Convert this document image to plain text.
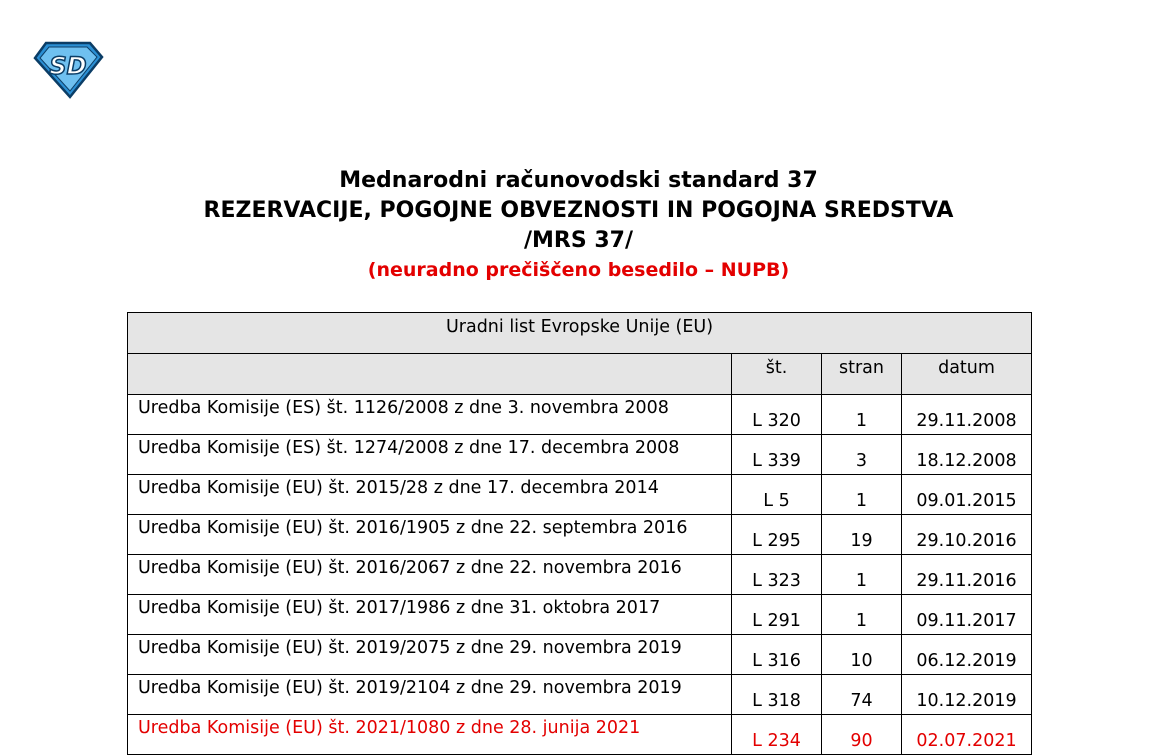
SD
Mednarodni računovodski standard 37
REZERVACIJE, POGOJNE OBVEZNOSTI IN POGOJNA SREDSTVA
/MRS 37/
(neuradno prečiščeno besedilo – NUPB)
Uradni list Evropske Unije (EU)			
	št.	stran	datum
Uredba Komisije (ES) št. 1126/2008 z dne 3. novembra 2008	L 320	1	29.11.2008
Uredba Komisije (ES) št. 1274/2008 z dne 17. decembra 2008	L 339	3	18.12.2008
Uredba Komisije (EU) št. 2015/28 z dne 17. decembra 2014	L 5	1	09.01.2015
Uredba Komisije (EU) št. 2016/1905 z dne 22. septembra 2016	L 295	19	29.10.2016
Uredba Komisije (EU) št. 2016/2067 z dne 22. novembra 2016	L 323	1	29.11.2016
Uredba Komisije (EU) št. 2017/1986 z dne 31. oktobra 2017	L 291	1	09.11.2017
Uredba Komisije (EU) št. 2019/2075 z dne 29. novembra 2019	L 316	10	06.12.2019
Uredba Komisije (EU) št. 2019/2104 z dne 29. novembra 2019	L 318	74	10.12.2019
Uredba Komisije (EU) št. 2021/1080 z dne 28. junija 2021	L 234	90	02.07.2021
